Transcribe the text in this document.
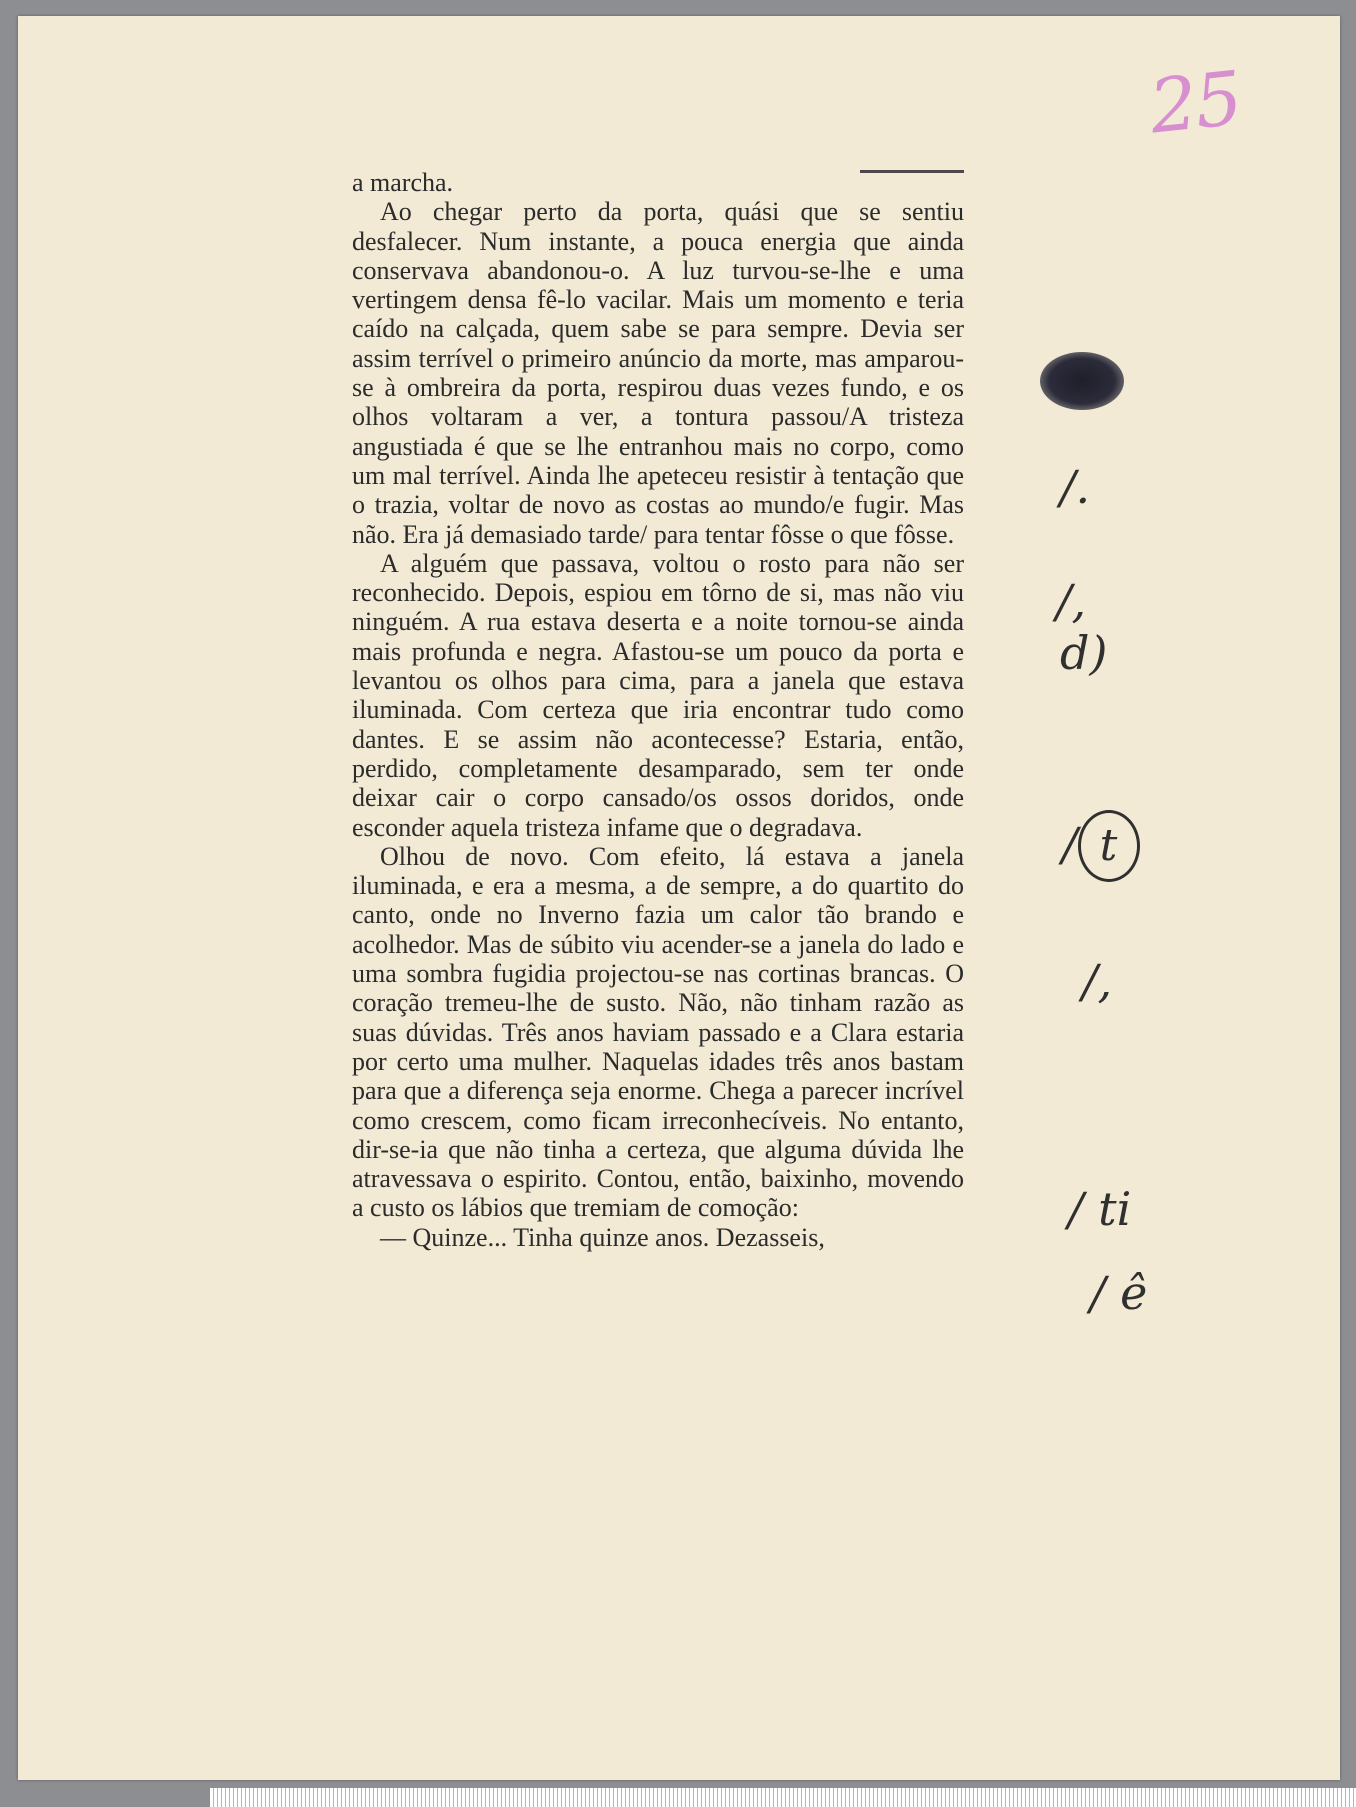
25

a marcha.

Ao chegar perto da porta, quási que se sentiu desfalecer. Num instante, a pouca energia que ainda conservava abandonou-o. A luz turvou-se-lhe e uma vertingem densa fê-lo vacilar. Mais um momento e teria caído na calçada, quem sabe se para sempre. Devia ser assim terrível o primeiro anúncio da morte, mas amparou-se à ombreira da porta, respirou duas vezes fundo, e os olhos voltaram a ver, a tontura passou/A tristeza angustiada é que se lhe entranhou mais no corpo, como um mal terrível. Ainda lhe apeteceu resistir à tentação que o trazia, voltar de novo as costas ao mundo/e fugir. Mas não. Era já demasiado tarde/ para tentar fôsse o que fôsse.

A alguém que passava, voltou o rosto para não ser reconhecido. Depois, espiou em tôrno de si, mas não viu ninguém. A rua estava deserta e a noite tornou-se ainda mais profunda e negra. Afastou-se um pouco da porta e levantou os olhos para cima, para a janela que estava iluminada. Com certeza que iria encontrar tudo como dantes. E se assim não acontecesse? Estaria, então, perdido, completamente desamparado, sem ter onde deixar cair o corpo cansado/os ossos doridos, onde esconder aquela tristeza infame que o degradava.

Olhou de novo. Com efeito, lá estava a janela iluminada, e era a mesma, a de sempre, a do quartito do canto, onde no Inverno fazia um calor tão brando e acolhedor. Mas de súbito viu acender-se a janela do lado e uma sombra fugidia projectou-se nas cortinas brancas. O coração tremeu-lhe de susto. Não, não tinham razão as suas dúvidas. Três anos haviam passado e a Clara estaria por certo uma mulher. Naquelas idades três anos bastam para que a diferença seja enorme. Chega a parecer incrível como crescem, como ficam irreconhecíveis. No entanto, dir-se-ia que não tinha a certeza, que alguma dúvida lhe atravessava o espirito. Contou, então, baixinho, movendo a custo os lábios que tremiam de comoção:

— Quinze... Tinha quinze anos. Dezasseis,

/.
/,
d)
/ t
/,
/ ti
/ ê
